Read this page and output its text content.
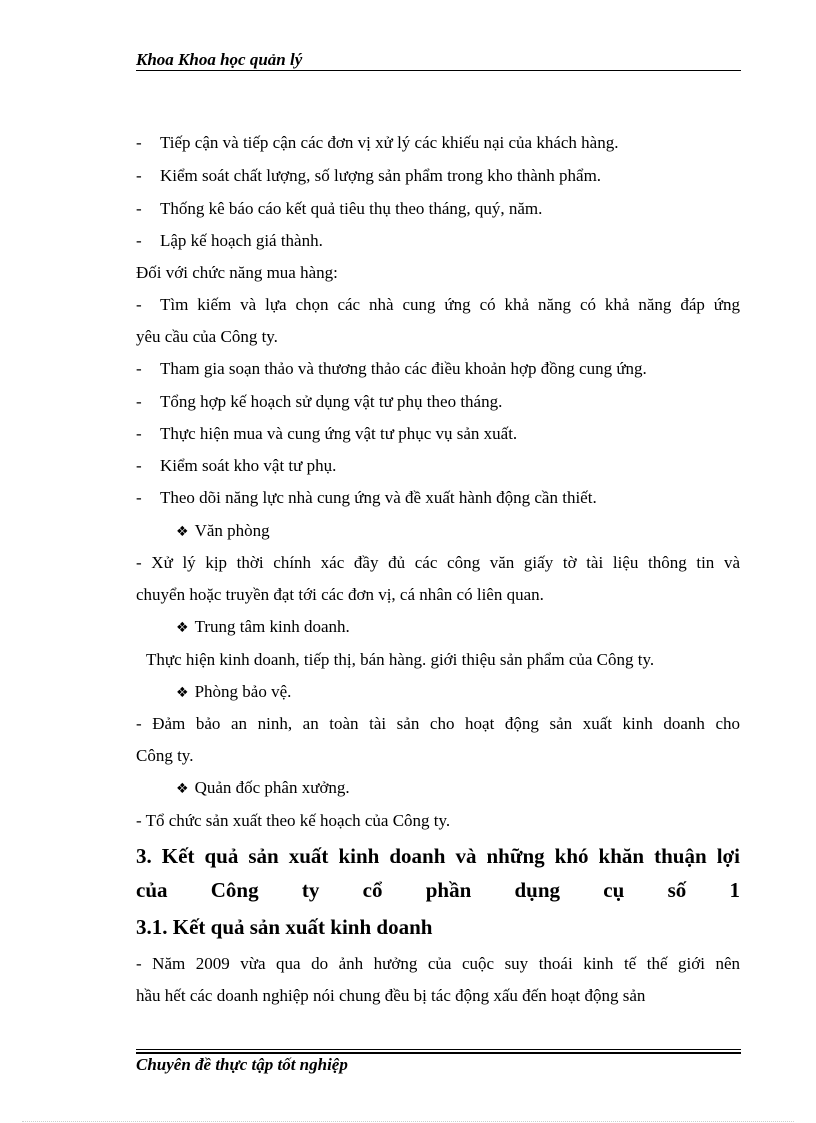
Khoa Khoa học quản lý
- Tiếp cận và tiếp cận các đơn vị xử lý các khiếu nại của khách hàng.
- Kiểm soát chất lượng, số lượng sản phẩm trong kho thành phẩm.
- Thống kê báo cáo kết quả tiêu thụ theo tháng, quý, năm.
- Lập kế hoạch giá thành.
Đối với chức năng mua hàng:
- Tìm kiếm và lựa chọn các nhà cung ứng có khả năng có khả năng đáp ứng
yêu cầu của Công ty.
- Tham gia soạn thảo và thương thảo các điều khoản hợp đồng cung ứng.
- Tổng hợp kế hoạch sử dụng vật tư phụ theo tháng.
- Thực hiện mua và cung ứng vật tư phục vụ sản xuất.
- Kiểm soát kho vật tư phụ.
- Theo dõi năng lực nhà cung ứng và đề xuất hành động cần thiết.
❖ Văn phòng
- Xử lý kịp thời chính xác đầy đủ các công văn giấy tờ tài liệu thông tin và
chuyển hoặc truyền đạt tới các đơn vị, cá nhân có liên quan.
❖ Trung tâm kinh doanh.
Thực hiện kinh doanh, tiếp thị, bán hàng. giới thiệu sản phẩm của Công ty.
❖ Phòng bảo vệ.
- Đảm bảo an ninh, an toàn tài sản cho hoạt động sản xuất kinh doanh cho
Công ty.
❖ Quản đốc phân xưởng.
- Tổ chức sản xuất theo kế hoạch của Công ty.
3. Kết quả sản xuất kinh doanh và những khó khăn thuận lợi
của Công ty cổ phần dụng cụ số 1
3.1. Kết quả sản xuất kinh doanh
- Năm 2009 vừa qua do ảnh hưởng của cuộc suy thoái kinh tế thế giới nên
hầu hết các doanh nghiệp nói chung đều bị tác động xấu đến hoạt động sản
Chuyên đề thực tập tốt nghiệp
